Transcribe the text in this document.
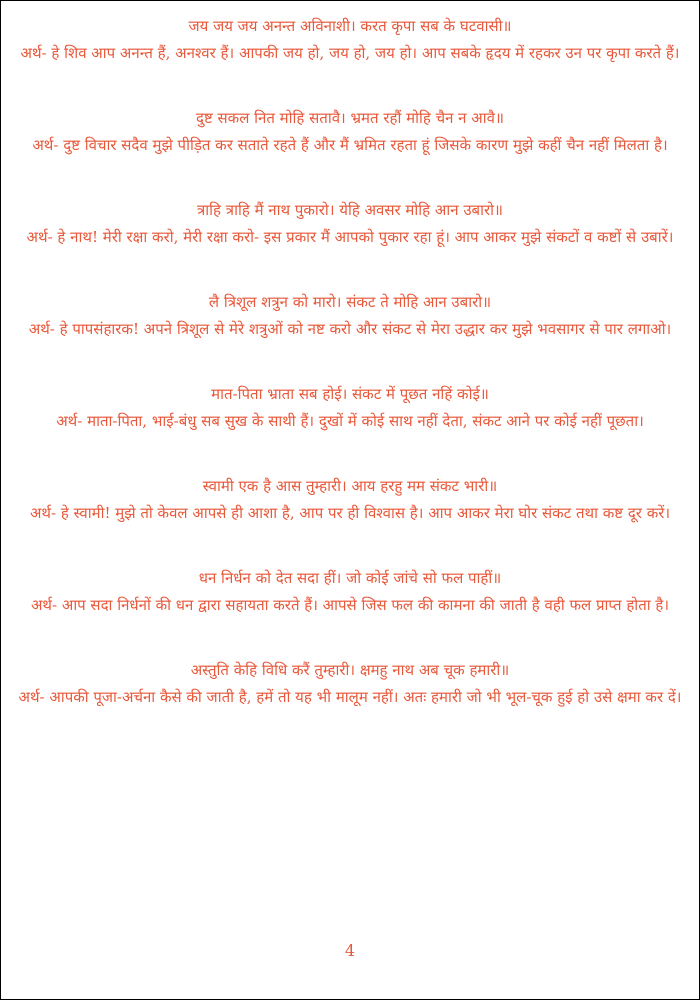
जय जय जय अनन्त अविनाशी। करत कृपा सब के घटवासी॥

अर्थ- हे शिव आप अनन्त हैं, अनश्वर हैं। आपकी जय हो, जय हो, जय हो। आप सबके हृदय में रहकर उन पर कृपा करते हैं।

दुष्ट सकल नित मोहि सतावै। भ्रमत रहौं मोहि चैन न आवै॥

अर्थ- दुष्ट विचार सदैव मुझे पीड़ित कर सताते रहते हैं और मैं भ्रमित रहता हूं जिसके कारण मुझे कहीं चैन नहीं मिलता है।

त्राहि त्राहि मैं नाथ पुकारो। येहि अवसर मोहि आन उबारो॥

अर्थ- हे नाथ! मेरी रक्षा करो, मेरी रक्षा करो- इस प्रकार मैं आपको पुकार रहा हूं। आप आकर मुझे संकटों व कष्टों से उबारें।

लै त्रिशूल शत्रुन को मारो। संकट ते मोहि आन उबारो॥

अर्थ- हे पापसंहारक! अपने त्रिशूल से मेरे शत्रुओं को नष्ट करो और संकट से मेरा उद्धार कर मुझे भवसागर से पार लगाओ।

मात-पिता भ्राता सब होई। संकट में पूछत नहिं कोई॥

अर्थ- माता-पिता, भाई-बंधु सब सुख के साथी हैं। दुखों में कोई साथ नहीं देता, संकट आने पर कोई नहीं पूछता।

स्वामी एक है आस तुम्हारी। आय हरहु मम संकट भारी॥

अर्थ- हे स्वामी! मुझे तो केवल आपसे ही आशा है, आप पर ही विश्वास है। आप आकर मेरा घोर संकट तथा कष्ट दूर करें।

धन निर्धन को देत सदा हीं। जो कोई जांचे सो फल पाहीं॥

अर्थ- आप सदा निर्धनों की धन द्वारा सहायता करते हैं। आपसे जिस फल की कामना की जाती है वही फल प्राप्त होता है।

अस्तुति केहि विधि करैं तुम्हारी। क्षमहु नाथ अब चूक हमारी॥

अर्थ- आपकी पूजा-अर्चना कैसे की जाती है, हमें तो यह भी मालूम नहीं। अतः हमारी जो भी भूल-चूक हुई हो उसे क्षमा कर दें।

4
